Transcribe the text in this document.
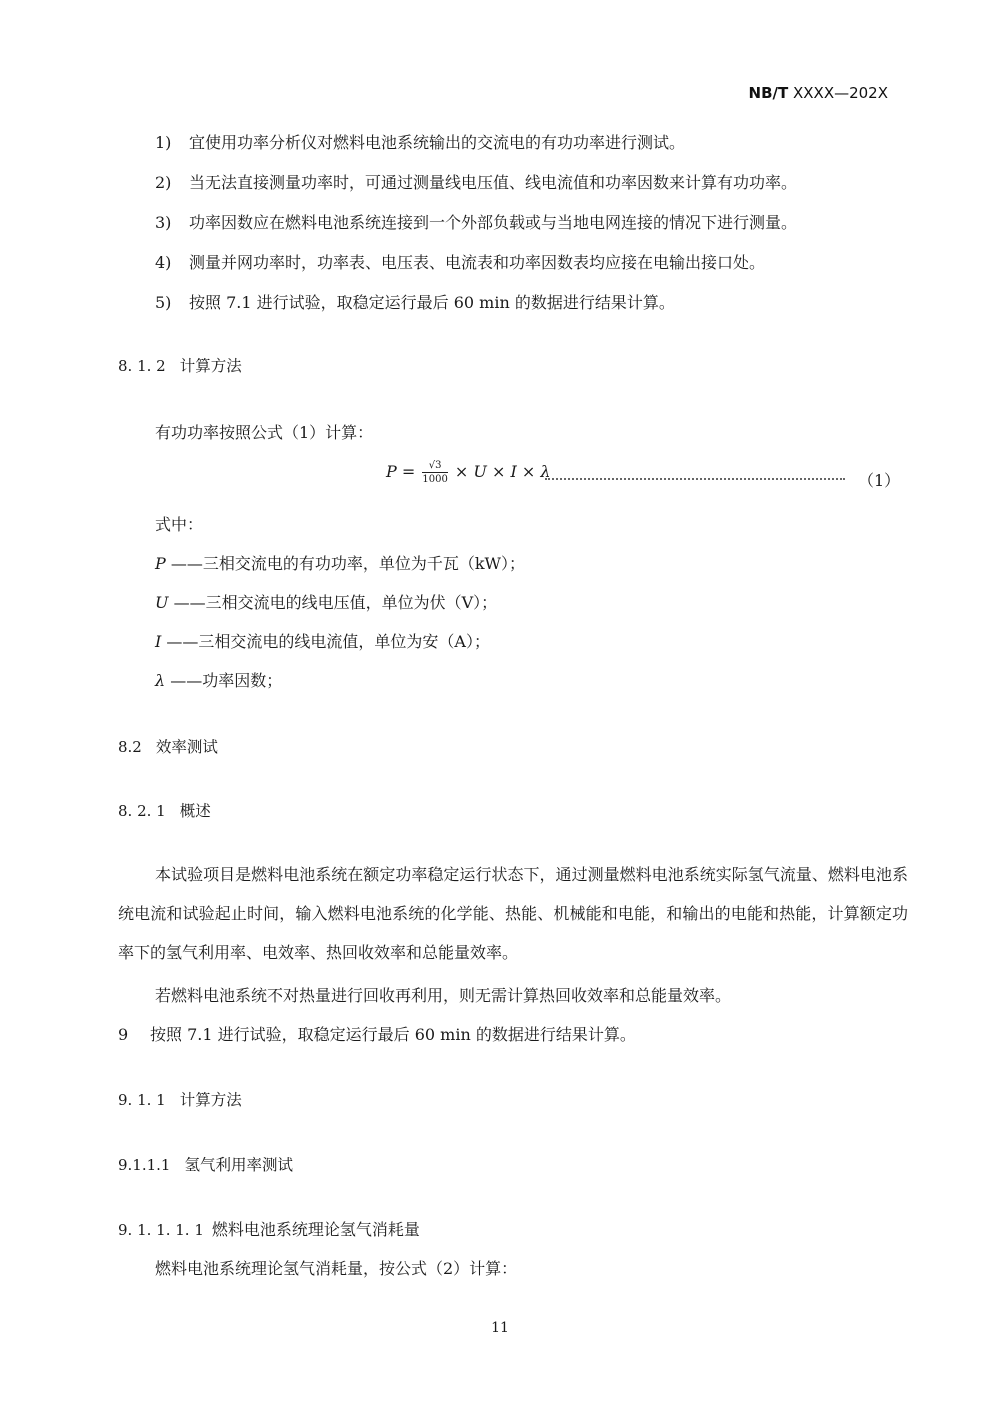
NB/T XXXX—202X
1) 宜使用功率分析仪对燃料电池系统输出的交流电的有功功率进行测试。
2) 当无法直接测量功率时，可通过测量线电压值、线电流值和功率因数来计算有功功率。
3) 功率因数应在燃料电池系统连接到一个外部负载或与当地电网连接的情况下进行测量。
4) 测量并网功率时，功率表、电压表、电流表和功率因数表均应接在电输出接口处。
5) 按照 7.1 进行试验，取稳定运行最后 60 min 的数据进行结果计算。
8. 1. 2 计算方法
有功功率按照公式（1）计算：
$P = \frac{√3}{1000} \times U \times I \times \lambda$	（1）
式中：
P ——三相交流电的有功功率，单位为千瓦（kW）；
U ——三相交流电的线电压值，单位为伏（V）；
I ——三相交流电的线电流值，单位为安（A）；
λ ——功率因数；
8.2 效率测试
8. 2. 1 概述
本试验项目是燃料电池系统在额定功率稳定运行状态下，通过测量燃料电池系统实际氢气流量、燃料电池系统电流和试验起止时间，输入燃料电池系统的化学能、热能、机械能和电能，和输出的电能和热能，计算额定功率下的氢气利用率、电效率、热回收效率和总能量效率。
若燃料电池系统不对热量进行回收再利用，则无需计算热回收效率和总能量效率。
9 按照 7.1 进行试验，取稳定运行最后 60 min 的数据进行结果计算。
9. 1. 1 计算方法
9.1.1.1 氢气利用率测试
9. 1. 1. 1. 1 燃料电池系统理论氢气消耗量
燃料电池系统理论氢气消耗量，按公式（2）计算：
11
